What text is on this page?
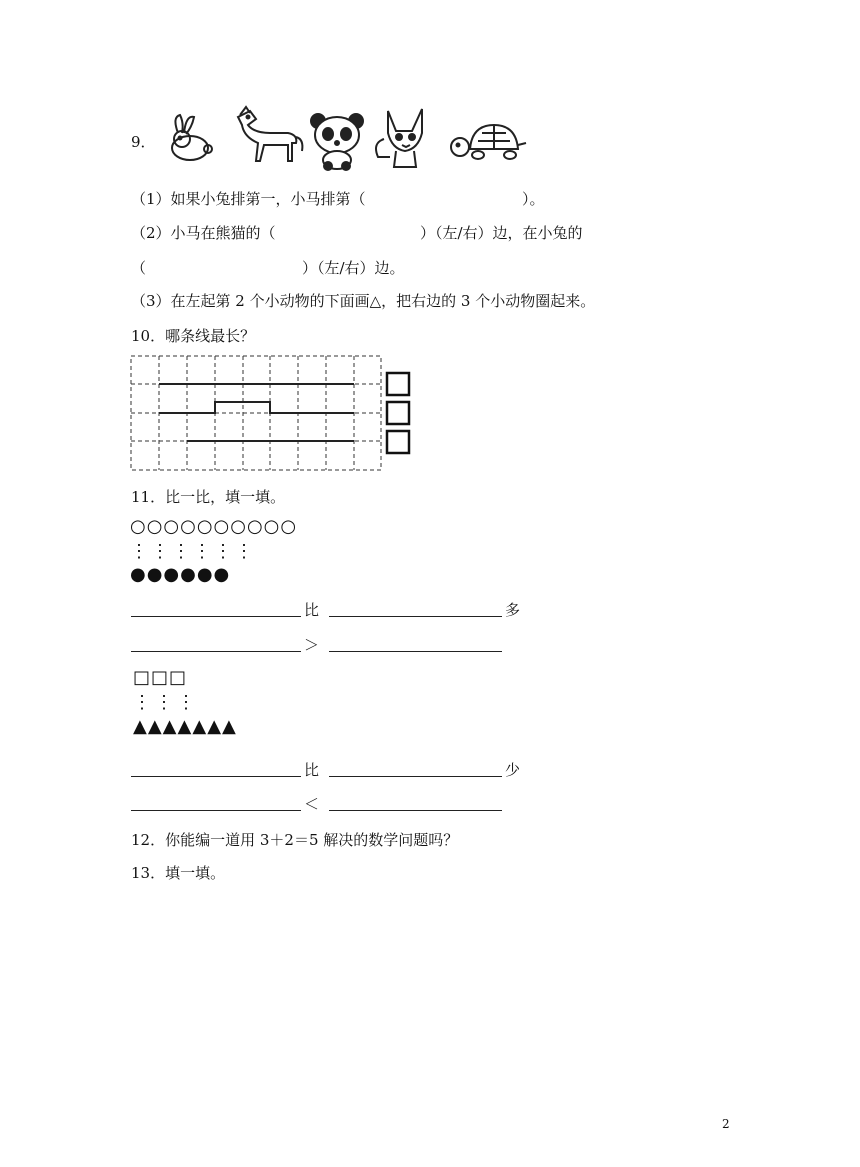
9．
（1）如果小兔排第一，小马排第（	）。
（2）小马在熊猫的（	）（左/右）边，在小兔的
（	）（左/右）边。
（3）在左起第 2 个小动物的下面画△，把右边的 3 个小动物圈起来。
10．哪条线最长？
11．比一比，填一填。
○○○○○○○○○○
⋮⋮⋮⋮⋮⋮
●●●●●●
比	多
＞
□□□
⋮⋮⋮
▲▲▲▲▲▲▲
比	少
＜
12．你能编一道用 3＋2＝5 解决的数学问题吗？
13．填一填。
2
